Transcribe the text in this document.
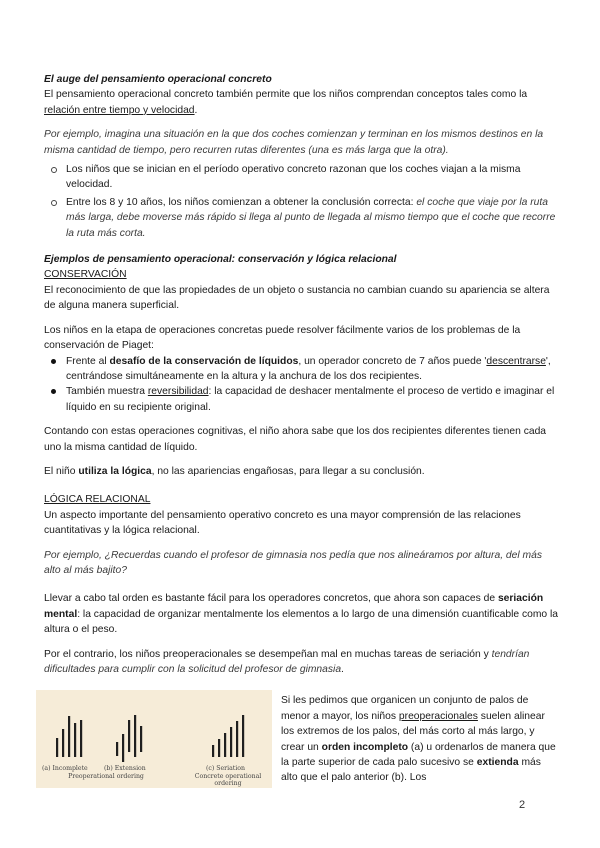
El auge del pensamiento operacional concreto

El pensamiento operacional concreto también permite que los niños comprendan conceptos tales como la relación entre tiempo y velocidad.

Por ejemplo, imagina una situación en la que dos coches comienzan y terminan en los mismos destinos en la misma cantidad de tiempo, pero recurren rutas diferentes (una es más larga que la otra).

Los niños que se inician en el período operativo concreto razonan que los coches viajan a la misma velocidad.
Entre los 8 y 10 años, los niños comienzan a obtener la conclusión correcta: el coche que viaje por la ruta más larga, debe moverse más rápido si llega al punto de llegada al mismo tiempo que el coche que recorre la ruta más corta.

Ejemplos de pensamiento operacional: conservación y lógica relacional

CONSERVACIÓN

El reconocimiento de que las propiedades de un objeto o sustancia no cambian cuando su apariencia se altera de alguna manera superficial.

Los niños en la etapa de operaciones concretas puede resolver fácilmente varios de los problemas de la conservación de Piaget:

Frente al desafío de la conservación de líquidos, un operador concreto de 7 años puede 'descentrarse', centrándose simultáneamente en la altura y la anchura de los dos recipientes.
También muestra reversibilidad: la capacidad de deshacer mentalmente el proceso de vertido e imaginar el líquido en su recipiente original.

Contando con estas operaciones cognitivas, el niño ahora sabe que los dos recipientes diferentes tienen cada uno la misma cantidad de líquido.

El niño utiliza la lógica, no las apariencias engañosas, para llegar a su conclusión.

LÓGICA RELACIONAL

Un aspecto importante del pensamiento operativo concreto es una mayor comprensión de las relaciones cuantitativas y la lógica relacional.

Por ejemplo, ¿Recuerdas cuando el profesor de gimnasia nos pedía que nos alineáramos por altura, del más alto al más bajito?

Llevar a cabo tal orden es bastante fácil para los operadores concretos, que ahora son capaces de seriación mental: la capacidad de organizar mentalmente los elementos a lo largo de una dimensión cuantificable como la altura o el peso.

Por el contrario, los niños preoperacionales se desempeñan mal en muchas tareas de seriación y tendrían dificultades para cumplir con la solicitud del profesor de gimnasia.

(a) Incomplete	(b) Extension
Preoperational ordering
(c) Seriation
Concrete operational ordering

Si les pedimos que organicen un conjunto de palos de menor a mayor, los niños preoperacionales suelen alinear los extremos de los palos, del más corto al más largo, y crear un orden incompleto (a) u ordenarlos de manera que la parte superior de cada palo sucesivo se extienda más alto que el palo anterior (b). Los

2
